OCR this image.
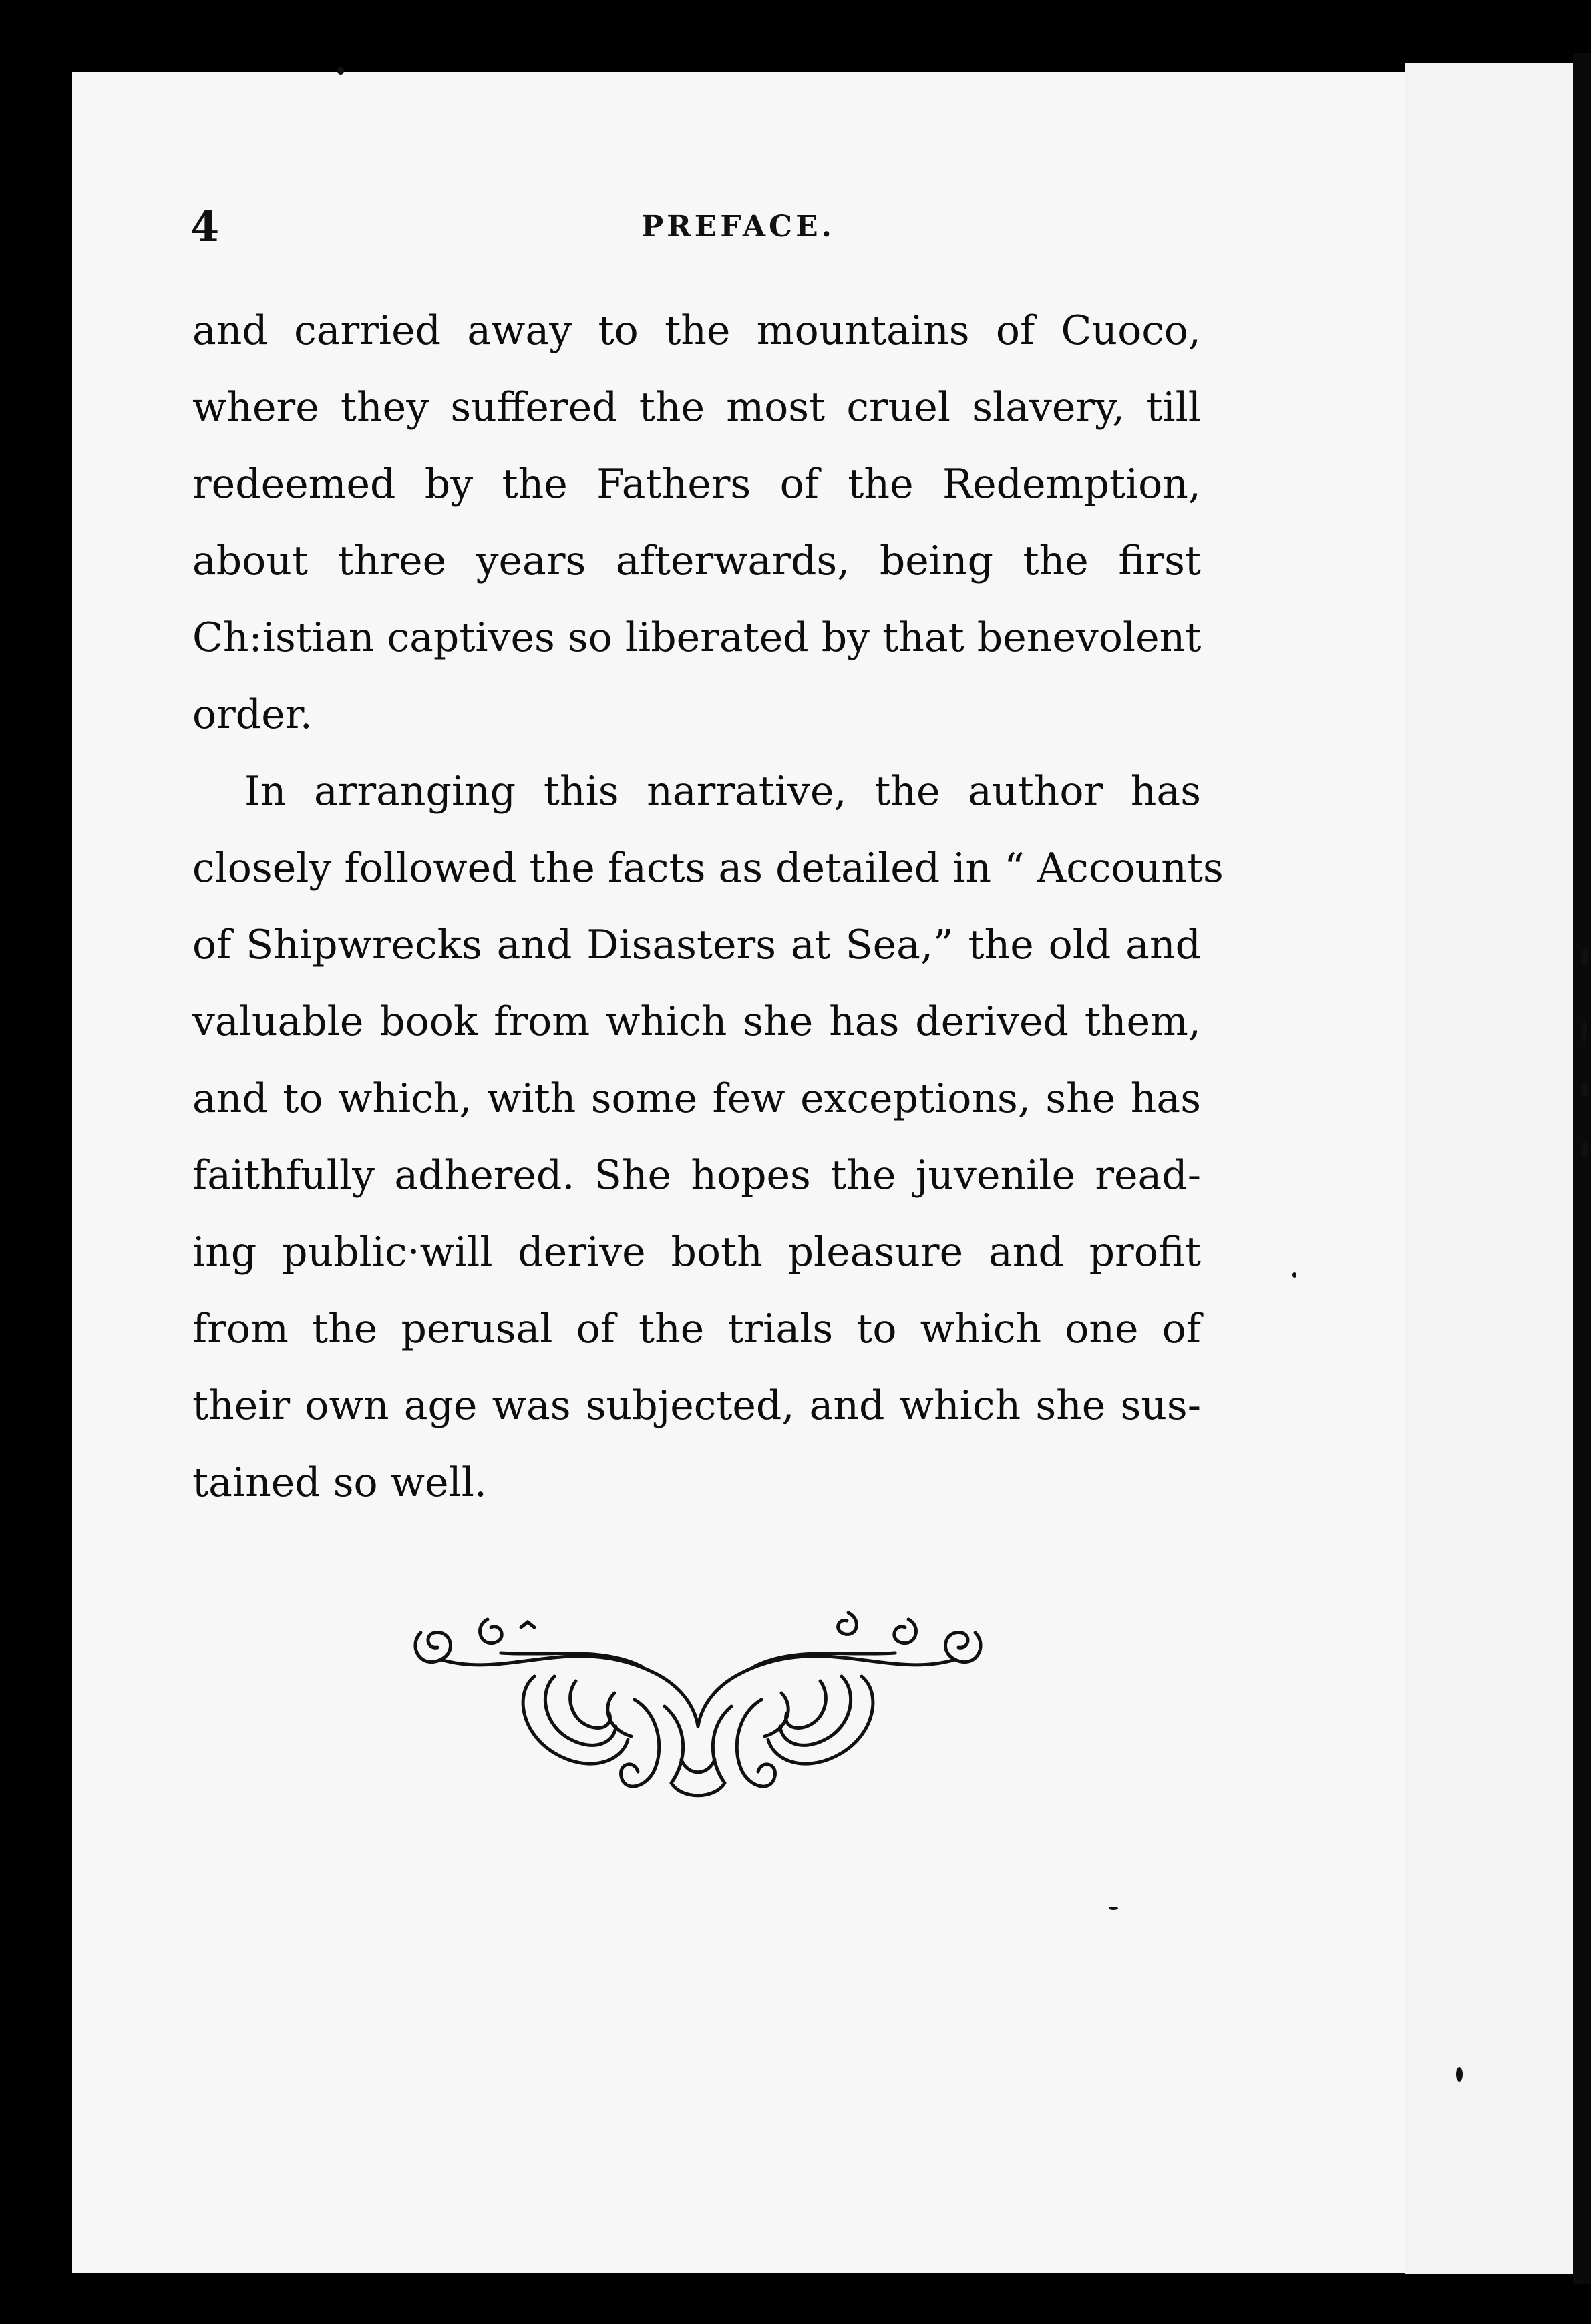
4	PREFACE.
and carried away to the mountains of Cuoco,
where they suffered the most cruel slavery, till
redeemed by the Fathers of the Redemption,
about three years afterwards, being the first
Ch:istian captives so liberated by that benevolent
order.
In arranging this narrative, the author has
closely followed the facts as detailed in “ Accounts
of Shipwrecks and Disasters at Sea,” the old and
valuable book from which she has derived them,
and to which, with some few exceptions, she has
faithfully adhered. She hopes the juvenile read-
ing public·will derive both pleasure and profit
from the perusal of the trials to which one of
their own age was subjected, and which she sus-
tained so well.
